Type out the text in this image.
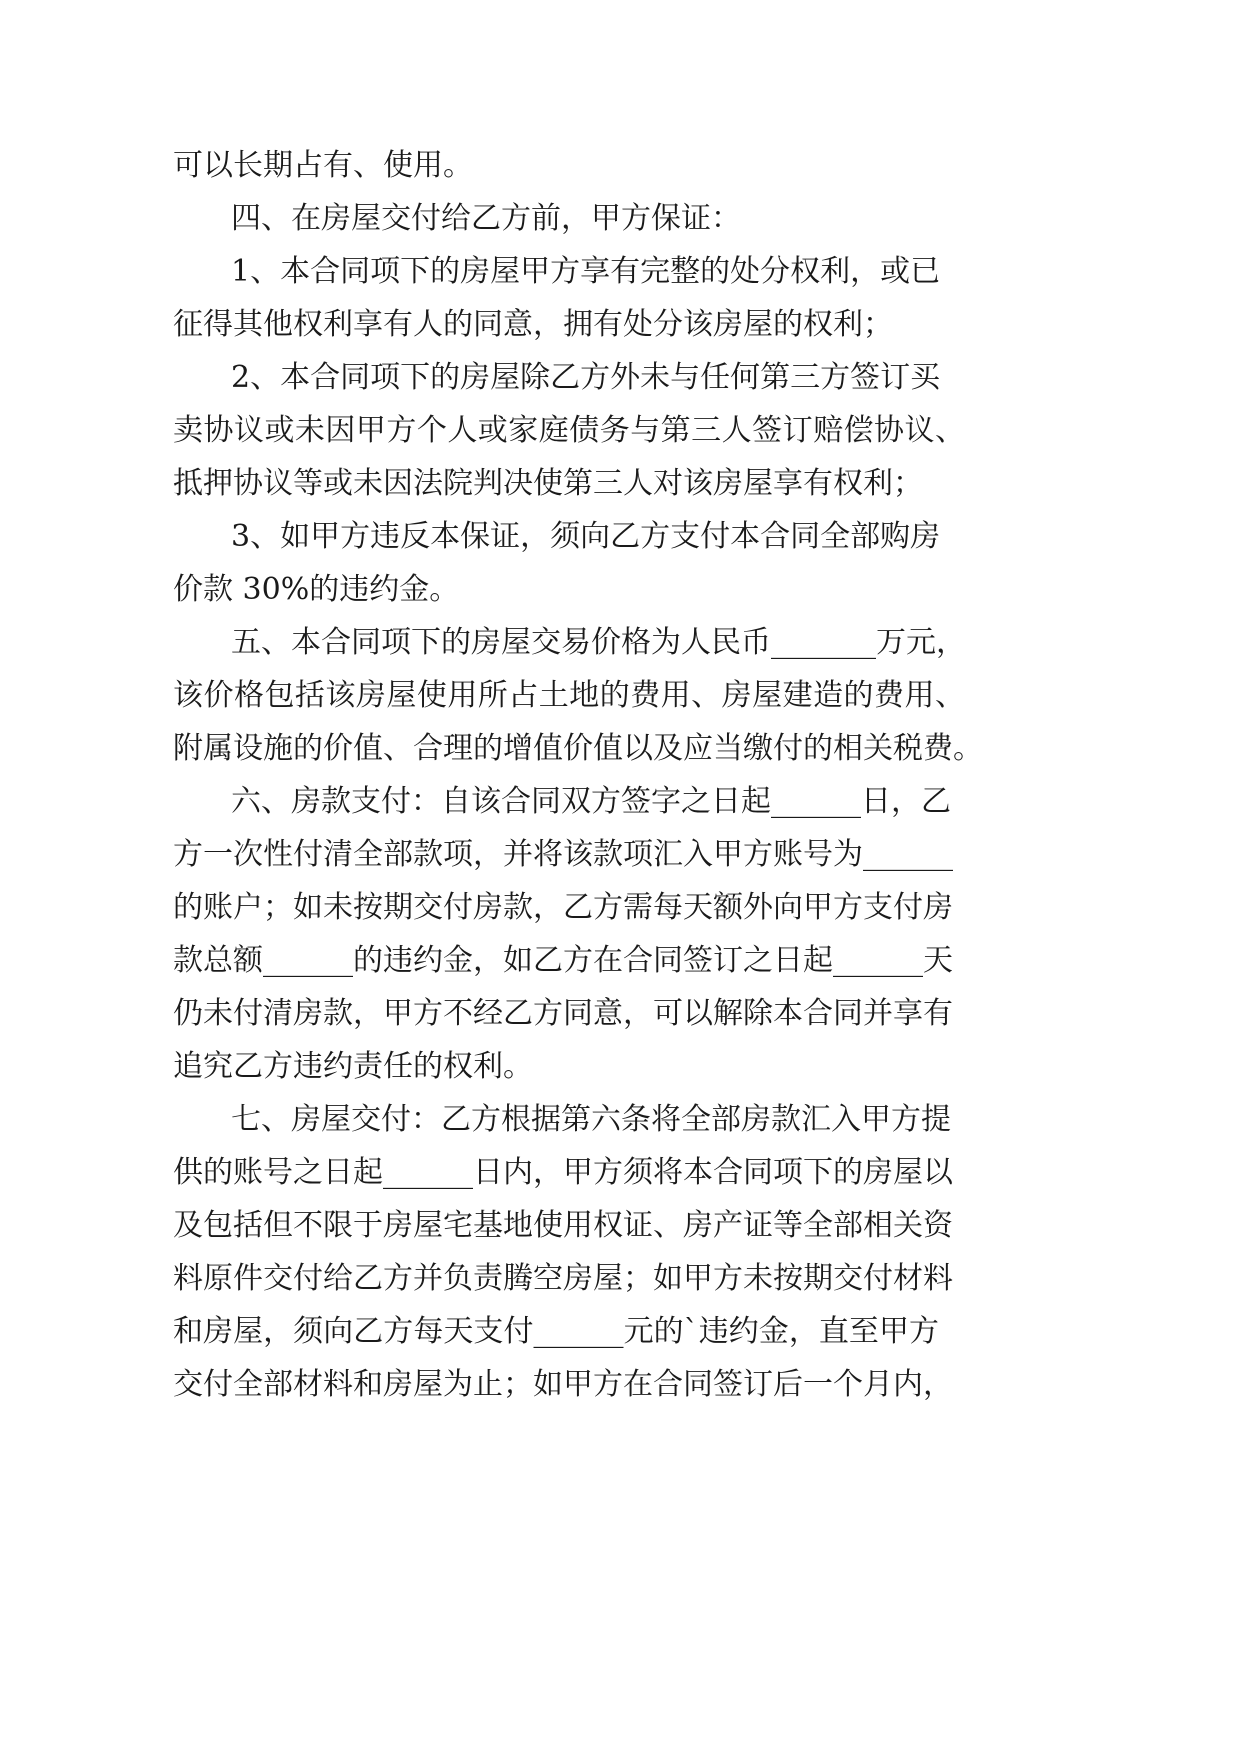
可以长期占有、使用。

四、在房屋交付给乙方前，甲方保证：

1、本合同项下的房屋甲方享有完整的处分权利，或已

征得其他权利享有人的同意，拥有处分该房屋的权利；

2、本合同项下的房屋除乙方外未与任何第三方签订买

卖协议或未因甲方个人或家庭债务与第三人签订赔偿协议、

抵押协议等或未因法院判决使第三人对该房屋享有权利；

3、如甲方违反本保证，须向乙方支付本合同全部购房

价款 30%的违约金。

五、本合同项下的房屋交易价格为人民币_______万元，

该价格包括该房屋使用所占土地的费用、房屋建造的费用、

附属设施的价值、合理的增值价值以及应当缴付的相关税费。

六、房款支付：自该合同双方签字之日起______日，乙

方一次性付清全部款项，并将该款项汇入甲方账号为______

的账户；如未按期交付房款，乙方需每天额外向甲方支付房

款总额______的违约金，如乙方在合同签订之日起______天

仍未付清房款，甲方不经乙方同意，可以解除本合同并享有

追究乙方违约责任的权利。

七、房屋交付：乙方根据第六条将全部房款汇入甲方提

供的账号之日起______日内，甲方须将本合同项下的房屋以

及包括但不限于房屋宅基地使用权证、房产证等全部相关资

料原件交付给乙方并负责腾空房屋；如甲方未按期交付材料

和房屋，须向乙方每天支付______元的`违约金，直至甲方

交付全部材料和房屋为止；如甲方在合同签订后一个月内，
